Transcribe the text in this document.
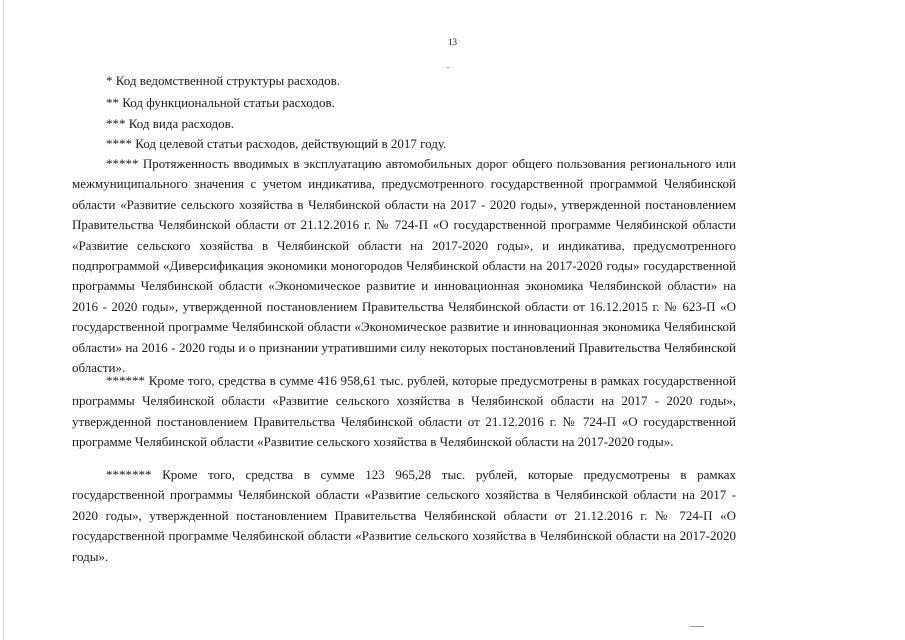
13

* Код ведомственной структуры расходов.

** Код функциональной статьи расходов.

*** Код вида расходов.

**** Код целевой статьи расходов, действующий в 2017 году.

***** Протяженность вводимых в эксплуатацию автомобильных дорог общего пользования регионального или межмуниципального значения с учетом индикатива, предусмотренного государственной программой Челябинской области «Развитие сельского хозяйства в Челябинской области на 2017 - 2020 годы», утвержденной постановлением Правительства Челябинской области от 21.12.2016 г. № 724-П «О государственной программе Челябинской области «Развитие сельского хозяйства в Челябинской области на 2017-2020 годы», и индикатива, предусмотренного подпрограммой «Диверсификация экономики моногородов Челябинской области на 2017-2020 годы» государственной программы Челябинской области «Экономическое развитие и инновационная экономика Челябинской области» на 2016 - 2020 годы», утвержденной постановлением Правительства Челябинской области от 16.12.2015 г. № 623-П «О государственной программе Челябинской области «Экономическое развитие и инновационная экономика Челябинской области» на 2016 - 2020 годы и о признании утратившими силу некоторых постановлений Правительства Челябинской области».

****** Кроме того, средства в сумме 416 958,61 тыс. рублей, которые предусмотрены в рамках государственной программы Челябинской области «Развитие сельского хозяйства в Челябинской области на 2017 - 2020 годы», утвержденной постановлением Правительства Челябинской области от 21.12.2016 г. № 724-П «О государственной программе Челябинской области «Развитие сельского хозяйства в Челябинской области на 2017-2020 годы».

******* Кроме того, средства в сумме 123 965,28 тыс. рублей, которые предусмотрены в рамках государственной программы Челябинской области «Развитие сельского хозяйства в Челябинской области на 2017 - 2020 годы», утвержденной постановлением Правительства Челябинской области от 21.12.2016 г. № 724-П «О государственной программе Челябинской области «Развитие сельского хозяйства в Челябинской области на 2017-2020 годы».
